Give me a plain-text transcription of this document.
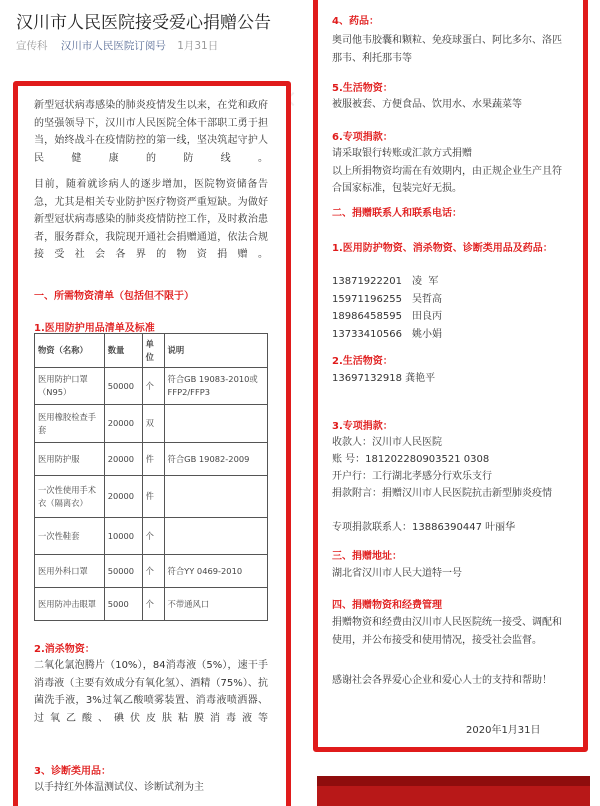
汉川市人民医院接受爱心捐赠公告
宣传科 汉川市人民医院订阅号 1月31日
新型冠状病毒感染的肺炎疫情发生以来，在党和政府的坚强领导下，汉川市人民医院全体干部职工勇于担当，始终战斗在疫情防控的第一线，坚决筑起守护人民健康的防线。
目前，随着就诊病人的逐步增加，医院物资储备告急，尤其是相关专业防护医疗物资严重短缺。为做好新型冠状病毒感染的肺炎疫情防控工作，及时救治患者，服务群众，我院现开通社会捐赠通道，依法合规接受社会各界的物资捐赠。
一、所需物资清单（包括但不限于）
1.医用防护用品清单及标准
物资（名称）	数量	单位	说明
医用防护口罩（N95）	50000	个	符合GB 19083-2010或FFP2/FFP3
医用橡胶检查手套	20000	双	
医用防护服	20000	件	符合GB 19082-2009
一次性使用手术衣（隔离衣）	20000	件	
一次性鞋套	10000	个	
医用外科口罩	50000	个	符合YY 0469-2010
医用防冲击眼罩	5000	个	不带通风口
2.消杀物资：
二氧化氯泡腾片（10%），84消毒液（5%），速干手消毒液（主要有效成分有氧化氢）、酒精（75%）、抗菌洗手液，3%过氧乙酸喷雾装置、消毒液喷洒器、过氧乙酸、碘伏皮肤粘膜消毒液等
3、诊断类用品：
以手持红外体温测试仪、诊断试剂为主
4、药品：
奥司他韦胶囊和颗粒、免疫球蛋白、阿比多尔、洛匹那韦、利托那韦等
5.生活物资：
被服被套、方便食品、饮用水、水果蔬菜等
6.专项捐款：
请采取银行转账或汇款方式捐赠
以上所捐物资均需在有效期内，由正规企业生产且符合国家标准，包装完好无损。
二、捐赠联系人和联系电话：
1.医用防护物资、消杀物资、诊断类用品及药品：
13871922201 凌  军
15971196255 吴哲高
18986458595 田良丙
13733410566 姚小娟
2.生活物资：
13697132918 龚艳平
3.专项捐款：
收款人：汉川市人民医院
账 号：181202280903521 0308
开户行：工行湖北孝感分行欢乐支行
捐款附言：捐赠汉川市人民医院抗击新型肺炎疫情
专项捐款联系人：13886390447 叶丽华
三、捐赠地址：
湖北省汉川市人民大道特一号
四、捐赠物资和经费管理
捐赠物资和经费由汉川市人民医院统一接受、调配和使用，并公布接受和使用情况，接受社会监督。
感谢社会各界爱心企业和爱心人士的支持和帮助！
2020年1月31日
